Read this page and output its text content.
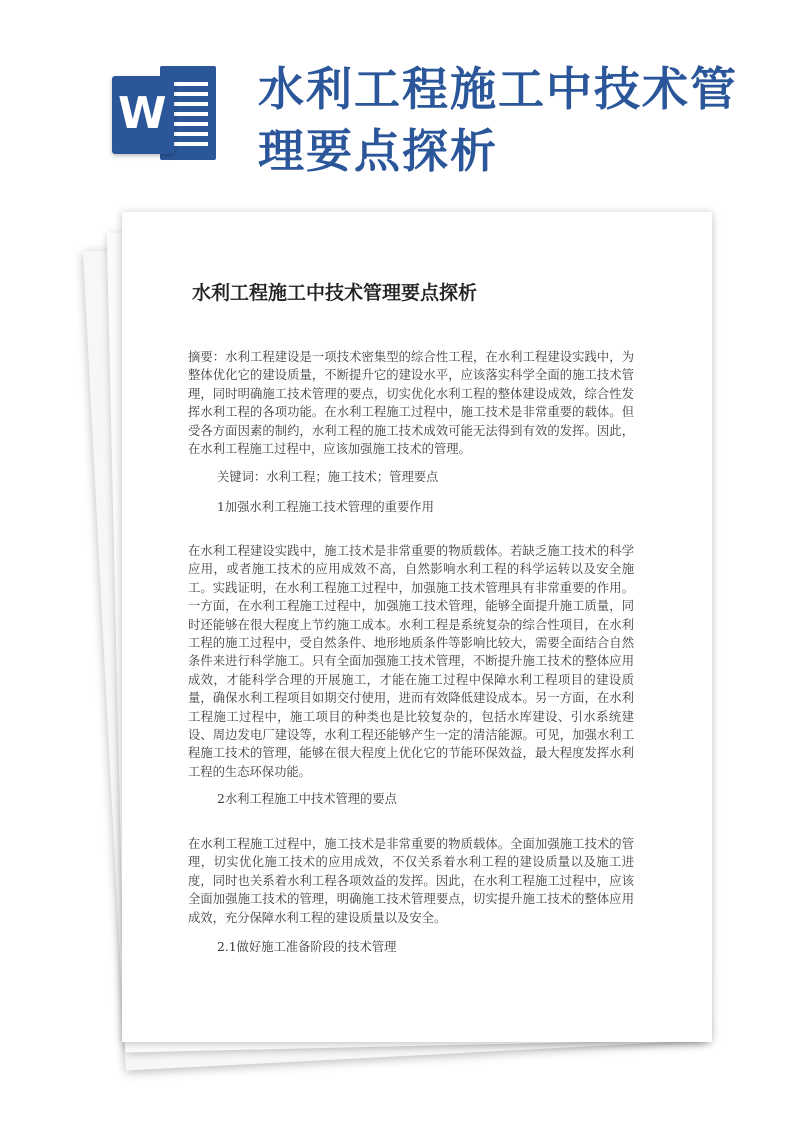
W 水利工程施工中技术管理要点探析
水利工程施工中技术管理要点探析

摘要：水利工程建设是一项技术密集型的综合性工程，在水利工程建设实践中，为整体优化它的建设质量，不断提升它的建设水平，应该落实科学全面的施工技术管理，同时明确施工技术管理的要点，切实优化水利工程的整体建设成效，综合性发挥水利工程的各项功能。在水利工程施工过程中，施工技术是非常重要的载体。但受各方面因素的制约，水利工程的施工技术成效可能无法得到有效的发挥。因此，在水利工程施工过程中，应该加强施工技术的管理。

关键词：水利工程；施工技术；管理要点

1加强水利工程施工技术管理的重要作用

在水利工程建设实践中，施工技术是非常重要的物质载体。若缺乏施工技术的科学应用，或者施工技术的应用成效不高，自然影响水利工程的科学运转以及安全施工。实践证明，在水利工程施工过程中，加强施工技术管理具有非常重要的作用。一方面，在水利工程施工过程中，加强施工技术管理，能够全面提升施工质量，同时还能够在很大程度上节约施工成本。水利工程是系统复杂的综合性项目，在水利工程的施工过程中，受自然条件、地形地质条件等影响比较大，需要全面结合自然条件来进行科学施工。只有全面加强施工技术管理，不断提升施工技术的整体应用成效，才能科学合理的开展施工，才能在施工过程中保障水利工程项目的建设质量，确保水利工程项目如期交付使用，进而有效降低建设成本。另一方面，在水利工程施工过程中，施工项目的种类也是比较复杂的，包括水库建设、引水系统建设、周边发电厂建设等，水利工程还能够产生一定的清洁能源。可见，加强水利工程施工技术的管理，能够在很大程度上优化它的节能环保效益，最大程度发挥水利工程的生态环保功能。

2水利工程施工中技术管理的要点

在水利工程施工过程中，施工技术是非常重要的物质载体。全面加强施工技术的管理，切实优化施工技术的应用成效，不仅关系着水利工程的建设质量以及施工进度，同时也关系着水利工程各项效益的发挥。因此，在水利工程施工过程中，应该全面加强施工技术的管理，明确施工技术管理要点，切实提升施工技术的整体应用成效，充分保障水利工程的建设质量以及安全。

2.1做好施工准备阶段的技术管理
